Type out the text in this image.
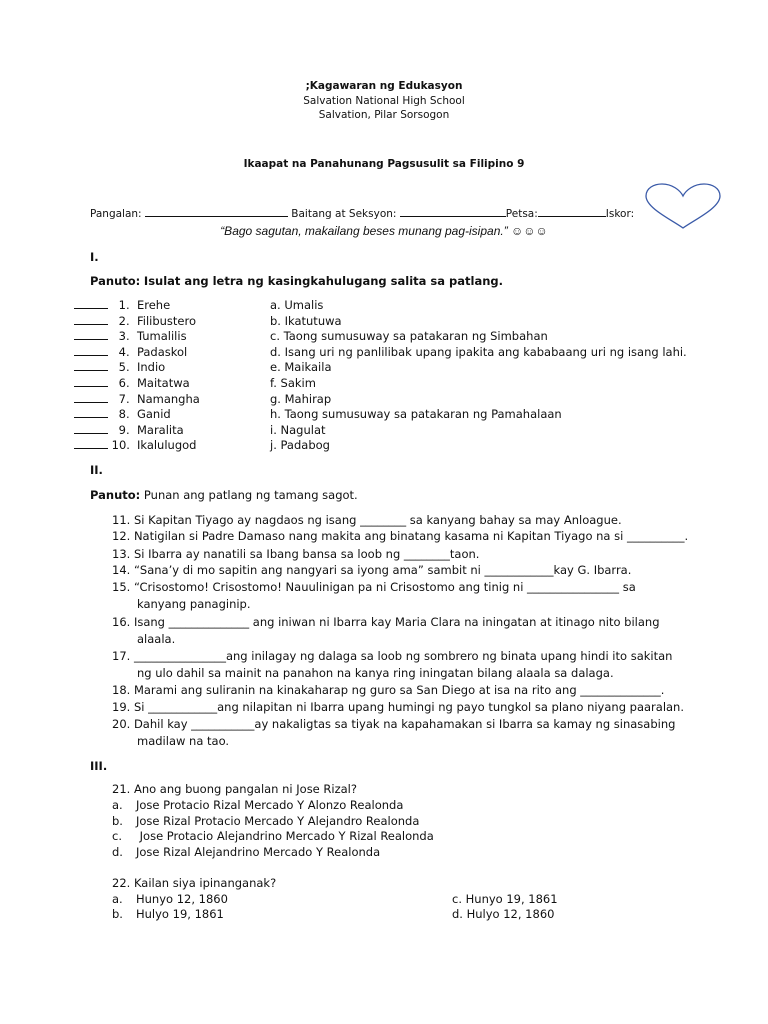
;Kagawaran ng Edukasyon
Salvation National High School
Salvation, Pilar Sorsogon
Ikaapat na Panahunang Pagsusulit sa Filipino 9
Pangalan:	Baitang at Seksyon:	Petsa:	Iskor:
“Bago sagutan, makailang beses munang pag-isipan.” ☺☺☺
I.
Panuto: Isulat ang letra ng kasingkahulugang salita sa patlang.
1. Erehe	a. Umalis
2. Filibustero	b. Ikatutuwa
3. Tumalilis	c. Taong sumusuway sa patakaran ng Simbahan
4. Padaskol	d. Isang uri ng panlilibak upang ipakita ang kababaang uri ng isang lahi.
5. Indio	e. Maikaila
6. Maitatwa	f. Sakim
7. Namangha	g. Mahirap
8. Ganid	h. Taong sumusuway sa patakaran ng Pamahalaan
9. Maralita	i. Nagulat
10. Ikalulugod	j. Padabog
II.
Panuto: Punan ang patlang ng tamang sagot.
11. Si Kapitan Tiyago ay nagdaos ng isang ________ sa kanyang bahay sa may Anloague.
12. Natigilan si Padre Damaso nang makita ang binatang kasama ni Kapitan Tiyago na si __________.
13. Si Ibarra ay nanatili sa Ibang bansa sa loob ng ________taon.
14. “Sana’y di mo sapitin ang nangyari sa iyong ama” sambit ni ____________kay G. Ibarra.
15. “Crisostomo! Crisostomo! Nauulinigan pa ni Crisostomo ang tinig ni ________________ sa
kanyang panaginip.
16. Isang ______________ ang iniwan ni Ibarra kay Maria Clara na iningatan at itinago nito bilang
alaala.
17. ________________ang inilagay ng dalaga sa loob ng sombrero ng binata upang hindi ito sakitan
ng ulo dahil sa mainit na panahon na kanya ring iningatan bilang alaala sa dalaga.
18. Marami ang suliranin na kinakaharap ng guro sa San Diego at isa na rito ang ______________.
19. Si ____________ang nilapitan ni Ibarra upang humingi ng payo tungkol sa plano niyang paaralan.
20. Dahil kay ___________ay nakaligtas sa tiyak na kapahamakan si Ibarra sa kamay ng sinasabing
madilaw na tao.
III.
21. Ano ang buong pangalan ni Jose Rizal?
a. Jose Protacio Rizal Mercado Y Alonzo Realonda
b. Jose Rizal Protacio Mercado Y Alejandro Realonda
c. Jose Protacio Alejandrino Mercado Y Rizal Realonda
d. Jose Rizal Alejandrino Mercado Y Realonda
22. Kailan siya ipinanganak?
a. Hunyo 12, 1860
b. Hulyo 19, 1861
c. Hunyo 19, 1861
d. Hulyo 12, 1860
